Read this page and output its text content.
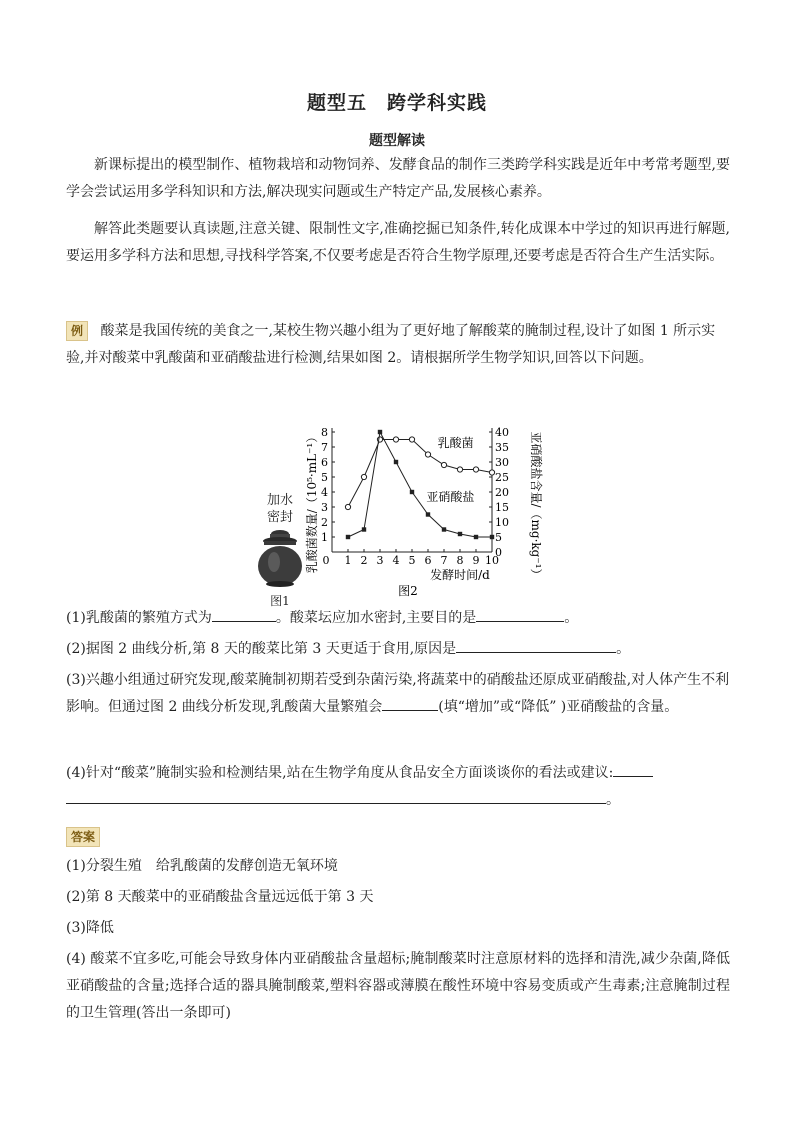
题型五　跨学科实践
题型解读
新课标提出的模型制作、植物栽培和动物饲养、发酵食品的制作三类跨学科实践是近年中考常考题型,要学会尝试运用多学科知识和方法,解决现实问题或生产特定产品,发展核心素养。
解答此类题要认真读题,注意关键、限制性文字,准确挖掘已知条件,转化成课本中学过的知识再进行解题,要运用多学科方法和思想,寻找科学答案,不仅要考虑是否符合生物学原理,还要考虑是否符合生产生活实际。
例 酸菜是我国传统的美食之一,某校生物兴趣小组为了更好地了解酸菜的腌制过程,设计了如图 1 所示实验,并对酸菜中乳酸菌和亚硝酸盐进行检测,结果如图 2。请根据所学生物学知识,回答以下问题。
加水
密封
图1
乳酸菌数量/（10⁵·mL⁻¹）	亚硝酸盐含量/（mg·kg⁻¹）
1 2 3 4 5 6 7 8 9 10
0
1
2
3
4
5
6
7
8
0
5
10
15
20
25
30
35
40
乳酸菌
亚硝酸盐
发酵时间/d
图2
(1)乳酸菌的繁殖方式为	。酸菜坛应加水密封,主要目的是	。
(2)据图 2 曲线分析,第 8 天的酸菜比第 3 天更适于食用,原因是	。
(3)兴趣小组通过研究发现,酸菜腌制初期若受到杂菌污染,将蔬菜中的硝酸盐还原成亚硝酸盐,对人体产生不利影响。但通过图 2 曲线分析发现,乳酸菌大量繁殖会	(填“增加”或“降低” )亚硝酸盐的含量。
(4)针对“酸菜”腌制实验和检测结果,站在生物学角度从食品安全方面谈谈你的看法或建议:
。
答案
(1)分裂生殖　给乳酸菌的发酵创造无氧环境
(2)第 8 天酸菜中的亚硝酸盐含量远远低于第 3 天
(3)降低
(4) 酸菜不宜多吃,可能会导致身体内亚硝酸盐含量超标;腌制酸菜时注意原材料的选择和清洗,减少杂菌,降低亚硝酸盐的含量;选择合适的器具腌制酸菜,塑料容器或薄膜在酸性环境中容易变质或产生毒素;注意腌制过程的卫生管理(答出一条即可)
